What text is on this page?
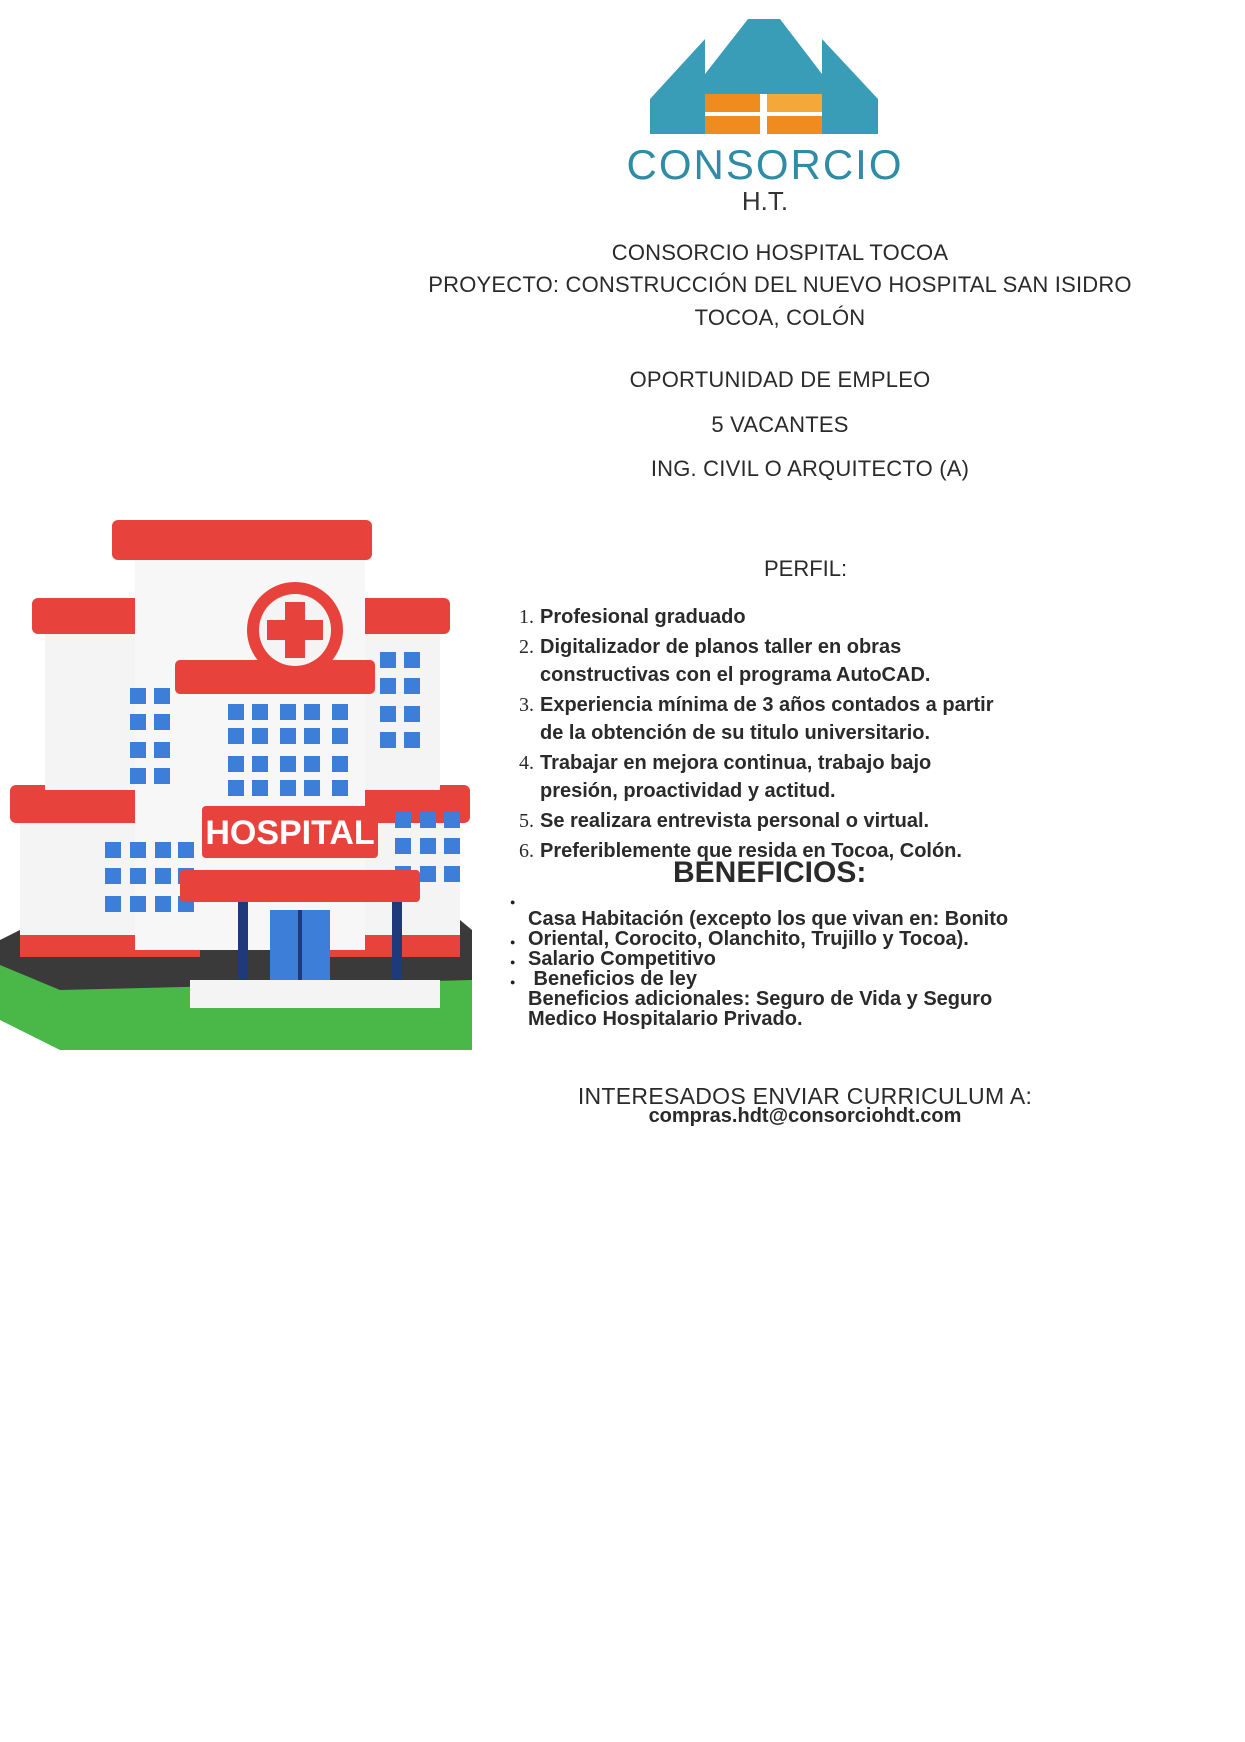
CONSORCIO
H.T.
CONSORCIO HOSPITAL TOCOA
PROYECTO: CONSTRUCCIÓN DEL NUEVO HOSPITAL SAN ISIDRO
TOCOA, COLÓN
OPORTUNIDAD DE EMPLEO
5 VACANTES
ING. CIVIL O ARQUITECTO (A)
HOSPITAL
PERFIL:
1. Profesional graduado
2. Digitalizador de planos taller en obras
constructivas con el programa AutoCAD.
3. Experiencia mínima de 3 años contados a partir
de la obtención de su titulo universitario.
4. Trabajar en mejora continua, trabajo bajo
presión, proactividad y actitud.
5. Se realizara entrevista personal o virtual.
6. Preferiblemente que resida en Tocoa, Colón.
BENEFICIOS:
●
●
●
●
Casa Habitación (excepto los que vivan en: Bonito
Oriental, Corocito, Olanchito, Trujillo y Tocoa).
Salario Competitivo
Beneficios de ley
Beneficios adicionales: Seguro de Vida y Seguro
Medico Hospitalario Privado.
INTERESADOS ENVIAR CURRICULUM A:
compras.hdt@consorciohdt.com
